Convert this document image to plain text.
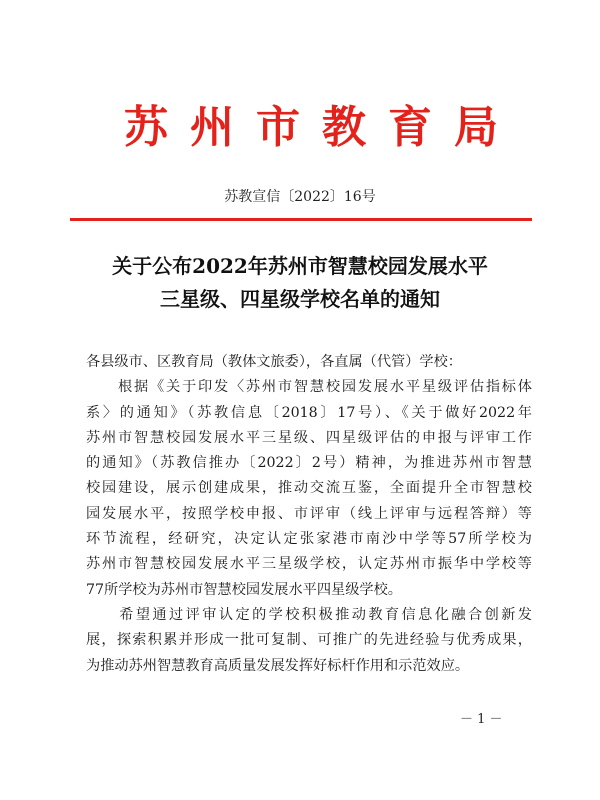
苏州市教育局
苏教宣信〔2022〕16号
关于公布2022年苏州市智慧校园发展水平
三星级、四星级学校名单的通知
各县级市、区教育局（教体文旅委），各直属（代管）学校：
　　根据《关于印发〈苏州市智慧校园发展水平星级评估指标体
系〉的通知》（苏教信息〔2018〕17号）、《关于做好2022年
苏州市智慧校园发展水平三星级、四星级评估的申报与评审工作
的通知》（苏教信推办〔2022〕2号）精神，为推进苏州市智慧
校园建设，展示创建成果，推动交流互鉴，全面提升全市智慧校
园发展水平，按照学校申报、市评审（线上评审与远程答辩）等
环节流程，经研究，决定认定张家港市南沙中学等57所学校为
苏州市智慧校园发展水平三星级学校，认定苏州市振华中学校等
77所学校为苏州市智慧校园发展水平四星级学校。
　　希望通过评审认定的学校积极推动教育信息化融合创新发
展，探索积累并形成一批可复制、可推广的先进经验与优秀成果，
为推动苏州智慧教育高质量发展发挥好标杆作用和示范效应。
－ 1 －
